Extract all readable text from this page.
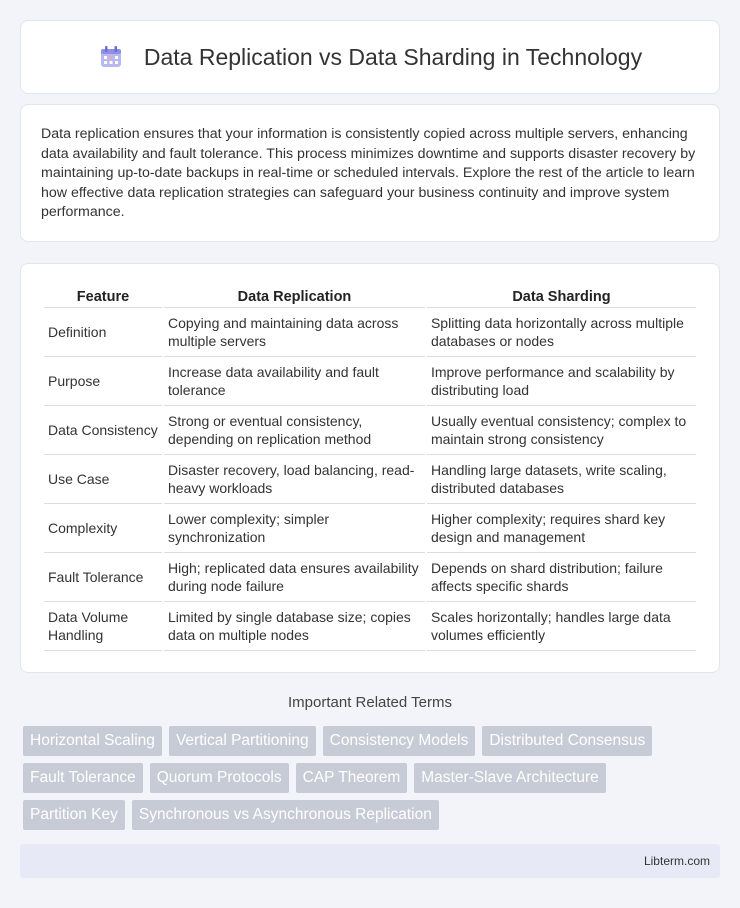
Data Replication vs Data Sharding in Technology

Data replication ensures that your information is consistently copied across multiple servers, enhancing data availability and fault tolerance. This process minimizes downtime and supports disaster recovery by maintaining up-to-date backups in real-time or scheduled intervals. Explore the rest of the article to learn how effective data replication strategies can safeguard your business continuity and improve system performance.

Feature	Data Replication	Data Sharding
Definition	Copying and maintaining data across multiple servers	Splitting data horizontally across multiple databases or nodes
Purpose	Increase data availability and fault tolerance	Improve performance and scalability by distributing load
Data Consistency	Strong or eventual consistency, depending on replication method	Usually eventual consistency; complex to maintain strong consistency
Use Case	Disaster recovery, load balancing, read-heavy workloads	Handling large datasets, write scaling, distributed databases
Complexity	Lower complexity; simpler synchronization	Higher complexity; requires shard key design and management
Fault Tolerance	High; replicated data ensures availability during node failure	Depends on shard distribution; failure affects specific shards
Data Volume Handling	Limited by single database size; copies data on multiple nodes	Scales horizontally; handles large data volumes efficiently
Important Related Terms
Horizontal Scaling	Vertical Partitioning	Consistency Models	Distributed Consensus
Fault Tolerance	Quorum Protocols	CAP Theorem	Master-Slave Architecture
Partition Key	Synchronous vs Asynchronous Replication
Libterm.com
